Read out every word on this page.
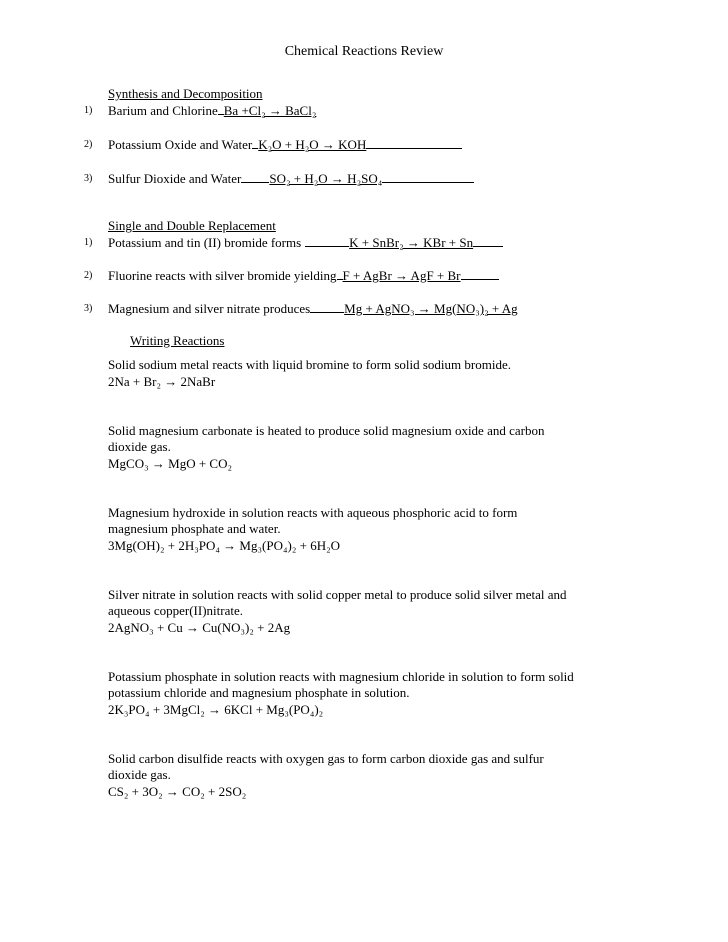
Chemical Reactions Review
Synthesis and Decomposition
1) Barium and Chlorine Ba +Cl₂ → BaCl₂
2) Potassium Oxide and Water K₂O + H₂O → KOH
3) Sulfur Dioxide and Water SO₂ + H₂O → H₂SO₄
Single and Double Replacement
1) Potassium and tin (II) bromide forms	K + SnBr₂ → KBr + Sn
2) Fluorine reacts with silver bromide yielding F + AgBr → AgF + Br
3) Magnesium and silver nitrate produces	Mg + AgNO₃ → Mg(NO₃)₂ + Ag
Writing Reactions
Solid sodium metal reacts with liquid bromine to form solid sodium bromide.
2Na + Br₂ → 2NaBr
Solid magnesium carbonate is heated to produce solid magnesium oxide and carbon
dioxide gas.
MgCO₃ → MgO + CO₂
Magnesium hydroxide in solution reacts with aqueous phosphoric acid to form
magnesium phosphate and water.
3Mg(OH)₂ + 2H₃PO₄ → Mg₃(PO₄)₂ + 6H₂O
Silver nitrate in solution reacts with solid copper metal to produce solid silver metal and
aqueous copper(II)nitrate.
2AgNO₃ + Cu → Cu(NO₃)₂ + 2Ag
Potassium phosphate in solution reacts with magnesium chloride in solution to form solid
potassium chloride and magnesium phosphate in solution.
2K₃PO₄ + 3MgCl₂ → 6KCl + Mg₃(PO₄)₂
Solid carbon disulfide reacts with oxygen gas to form carbon dioxide gas and sulfur
dioxide gas.
CS₂ + 3O₂ → CO₂ + 2SO₂
